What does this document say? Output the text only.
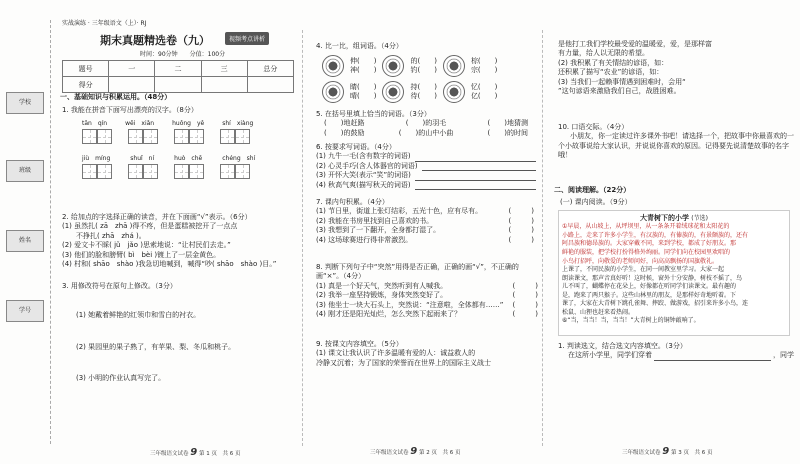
学校
班级
姓名
学号
实战演练 · 三年级语文（上）· RJ
期末真题精选卷（九）	视频考点讲析
时间：90分钟　　分值：100分
题号	一	二	三	总分
得分				
一、基础知识与积累运用。（48分）
1. 我能在拼音下面写出漂亮的汉字。（8分）
tān　qín	wēi　xiǎn	huǒng　yě	shí　xiàng
jiù　míng	shuǐ　ní	huò　chē	chéng　shí
2. 给加点的字选择正确的读音，并在下面画“√”表示。（6分）
(1) 虽然扎( zā　zhā )得不疼，但是蛋糕被挖开了一点点
不挣扎( zhā　zhá )。
(2) 爱文卡不睬( jǔ　jǎo )思索地说：“让村民们去走。”
(3) 他们的脸和膀臂( bì　bèi )镀上了一层金黄色。
(4) 村和( shāo　shào )我急切地喊到，喊得“吵( shāo　shào )目。”
3. 用修改符号在原句上修改。（3分）
(1) 她戴着鲜艳的红领巾和雪白的衬衣。
(2) 果园里的果子熟了，有苹果、梨、冬瓜和桃子。
(3) 小明的作业认真写完了。
三年级语文试卷 9 第 1 页　共 6 页
4. 比一比，组词语。（4分）
伸(　　)
神(　　)
的(　　)
钓(　　)
棕(　　)
宗(　　)
睛(　　)
晴(　　)
持(　　)
待(　　)
忆(　　)
亿(　　)
5. 在括号里填上恰当的词语。（3分）
(　　)地赶路	(　　)的羽毛	(　　)地猜测
(　　)的鼓励	(　　)的山中小曲	(　　)的时间
6. 按要求写词语。（4分）
(1) 九牛一毛(含有数字的词语)
(2) 心灵手巧(含人体器官的词语)
(3) 开怀大笑(表示“笑”的词语)
(4) 秋高气爽(描写秋天的词语)
7. 课内句积累。（4分）
(1) 节日里，街道上张灯结彩，五光十色，应有尽有。	(　　)
(2) 我能在书房里找到自己喜欢的书。	(　　)
(3) 我想到了一下翻开，全身都打湿了。	(　　)
(4) 这场球赛进行得非常激烈。	(　　)
8. 判断下列句子中“突然”用得是否正确，正确的画“√”，不正确的画“×”。（4分）
(1) 真是一个好天气，突然听到有人喊我。	(　　)
(2) 我举一座坚持锻炼，身体突然变好了。	(　　)
(3) 他坐士一块大石头上，突然说：“注意啦，全体都有……” (　　)
(4) 刚才还是阳光灿烂，怎么突然下起雨来了？	(　　)
9. 按课文内容填空。（5分）
(1) 课文让我认识了许多温暖有爱的人：诚益救人的
冷静又沉着；为了国家的荣誉而在世界上的国际主义战士
三年级语文试卷 9 第 2 页　共 6 页
是他打工我们学校最受爱的温暖爱，爱，是那样富
有力量，给人以无限的希望。
(2) 我积累了有关情结的谚语，如：
还积累了描写“农业”的谚语，如：
(3) 当我们一起赖事情遇到困难时，会用“
”这句谚语来激励我们自己，战胜困难。
10. 口语交际。（4分）
小朋友，你一定读过许多课外书吧！请选择一个，把故事中你最喜欢的一个小故事说给大家认识，并说说你喜欢的原因。记得要先说清楚故事的名字哦！
二、阅读理解。（22分）
(一) 课内阅读。（9分）
大青树下的小学 (节选)
①早晨，从山坡上，从坪坝里，从一条条开着绒球花和太阳花的
小路上，走来了许多小学生，有汉族的，有傣族的，有景颇族的，还有
阿昌族和德昂族的。大家穿戴不同，来到学校，都成了好朋友。那
鲜艳的服装，把学校打扮得格外绚丽。同学们向在校园里欢唱的
小鸟打招呼，向敬爱的老师问好，向高高飘扬的国旗敬礼。
上课了，不同民族的小学生，在同一间教室里学习。大家一起
朗读课文，那声音真好听！这时候，窗外十分安静，树枝不摇了，鸟
儿不叫了，蝴蝶停在花朵上，好像都在听同学们读课文。最有趣的
是，跑来了两只猴子。这些山林里的朋友，是那样好奇地听着。下
课了，大家在大青树下跳孔雀舞、摔跤、做游戏，招引来许多小鸟，连
松鼠、山狸也赶来看热闹。
⑥“当，当当！当，当当！”大青树上的铜钟敲响了。
1. 判读选文，结合选文内容填空。（3分）
在这所小学里，同学们穿着	，同学
三年级语文试卷 9 第 3 页　共 6 页
